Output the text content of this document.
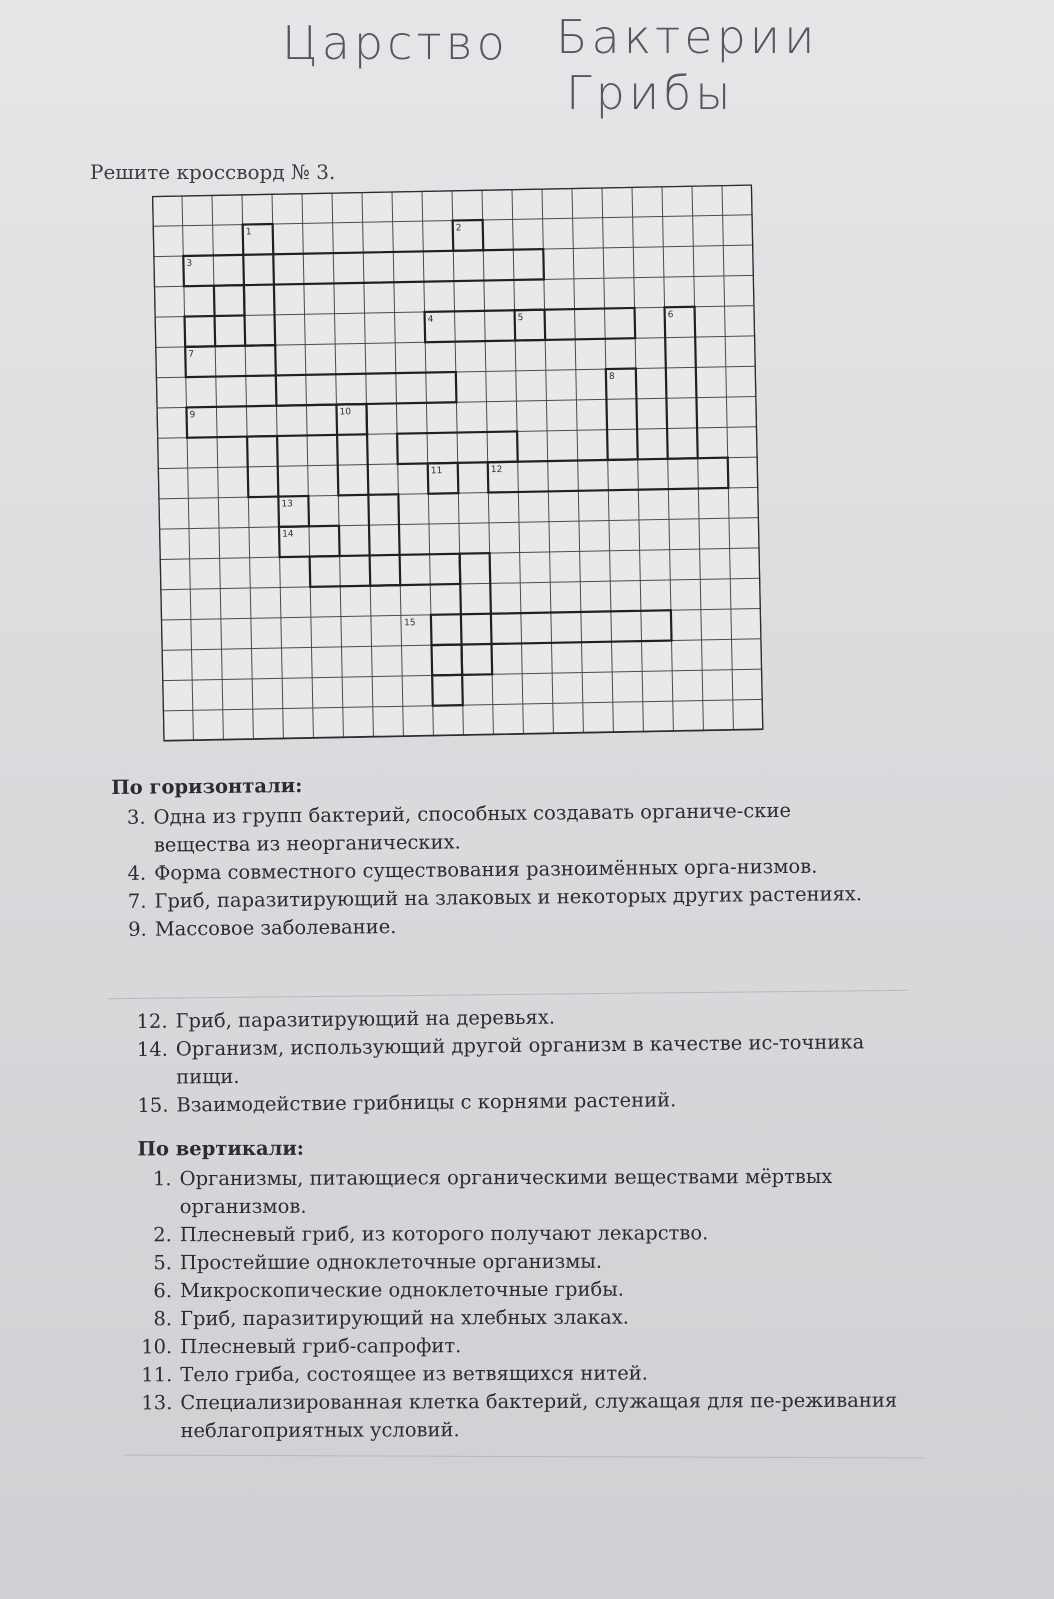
Царство Бактерии
Грибы
Решите кроссворд № 3.
1	2
3
4	5	6
7
8
9	10
11	12
13
14
15
По горизонтали:
3. Одна из групп бактерий, способных создавать органиче-ские вещества из неорганических.
4. Форма совместного существования разноимённых орга-низмов.
7. Гриб, паразитирующий на злаковых и некоторых других растениях.
9. Массовое заболевание.
12. Гриб, паразитирующий на деревьях.
14. Организм, использующий другой организм в качестве ис-точника пищи.
15. Взаимодействие грибницы с корнями растений.
По вертикали:
1. Организмы, питающиеся органическими веществами мёртвых организмов.
2. Плесневый гриб, из которого получают лекарство.
5. Простейшие одноклеточные организмы.
6. Микроскопические одноклеточные грибы.
8. Гриб, паразитирующий на хлебных злаках.
10. Плесневый гриб-сапрофит.
11. Тело гриба, состоящее из ветвящихся нитей.
13. Специализированная клетка бактерий, служащая для пе-реживания неблагоприятных условий.
